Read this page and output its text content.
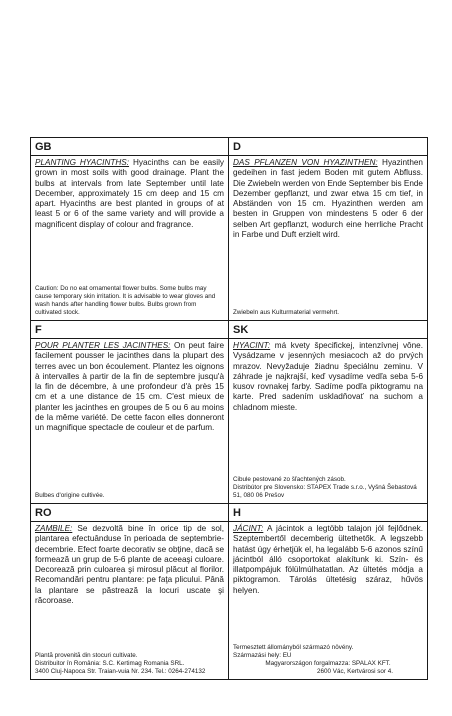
GB
PLANTING HYACINTHS: Hyacinths can be easily grown in most soils with good drainage. Plant the bulbs at intervals from late September until late December, approximately 15 cm deep and 15 cm apart. Hyacinths are best planted in groups of at least 5 or 6 of the same variety and will provide a magnificent display of colour and fragrance.
Caution: Do no eat ornamental flower bulbs. Some bulbs may cause temporary skin irritation. It is advisable to wear gloves and wash hands after handling flower bulbs. Bulbs grown from cultivated stock.
D
DAS PFLANZEN VON HYAZINTHEN: Hyazinthen gedeihen in fast jedem Boden mit gutem Abfluss. Die Zwiebeln werden von Ende September bis Ende Dezember gepflanzt, und zwar etwa 15 cm tief, in Abständen von 15 cm. Hyazinthen werden am besten in Gruppen von mindestens 5 oder 6 der selben Art gepflanzt, wodurch eine herrliche Pracht in Farbe und Duft erzielt wird.
Zwiebeln aus Kulturmaterial vermehrt.
F
POUR PLANTER LES JACINTHES: On peut faire facilement pousser le jacinthes dans la plupart des terres avec un bon écoulement. Plantez les oignons à intervalles à partir de la fin de septembre jusqu'à la fin de décembre, à une profondeur d'à près 15 cm et a une distance de 15 cm. C'est mieux de planter les jacinthes en groupes de 5 ou 6 au moins de la même variété. De cette facon elles donneront un magnifique spectacle de couleur et de parfum.
Bulbes d'origine cultivée.
SK
HYACINT: má kvety špecifickej, intenzívnej vône. Vysádzame v jesenných mesiacoch až do prvých mrazov. Nevyžaduje žiadnu špeciálnu zeminu. V záhrade je najkrajší, keď vysadíme vedľa seba 5-6 kusov rovnakej farby. Sadíme podľa piktogramu na karte. Pred sadením uskladňovať na suchom a chladnom mieste.
Cibule pestované zo šľachtených zásob.
Distribútor pre Slovensko: STAPEX Trade s.r.o., Vyšná Šebastová 51, 080 06 Prešov
RO
ZAMBILE: Se dezvoltă bine în orice tip de sol, plantarea efectuânduse în perioada de septembrie-decembrie. Efect foarte decorativ se obţine, dacă se formează un grup de 5-6 plante de aceeaşi culoare. Decorează prin culoarea şi mirosul plăcut al florilor. Recomandări pentru plantare: pe faţa plicului. Până la plantare se păstrează la locuri uscate şi răcoroase.
Plantă provenită din stocuri cultivate.
Distribuitor în România: S.C. Kertimag Romania SRL.
3400 Cluj-Napoca Str. Traian-vuia Nr. 234. Tel.: 0264-274132
H
JÁCINT: A jácintok a legtöbb talajon jól fejlődnek. Szeptembertől decemberig ültethetők. A legszebb hatást úgy érhetjük el, ha legalább 5-6 azonos színű jácintból álló csoportokat alakítunk ki. Szín- és illatpompájuk fölülmúlhatatlan. Az ültetés módja a piktogramon. Tárolás ültetésig száraz, hűvös helyen.
Termesztett állományból származó növény.
Származási hely: EU
Magyarországon forgalmazza: SPALAX KFT.
2600 Vác, Kertvárosi sor 4.
